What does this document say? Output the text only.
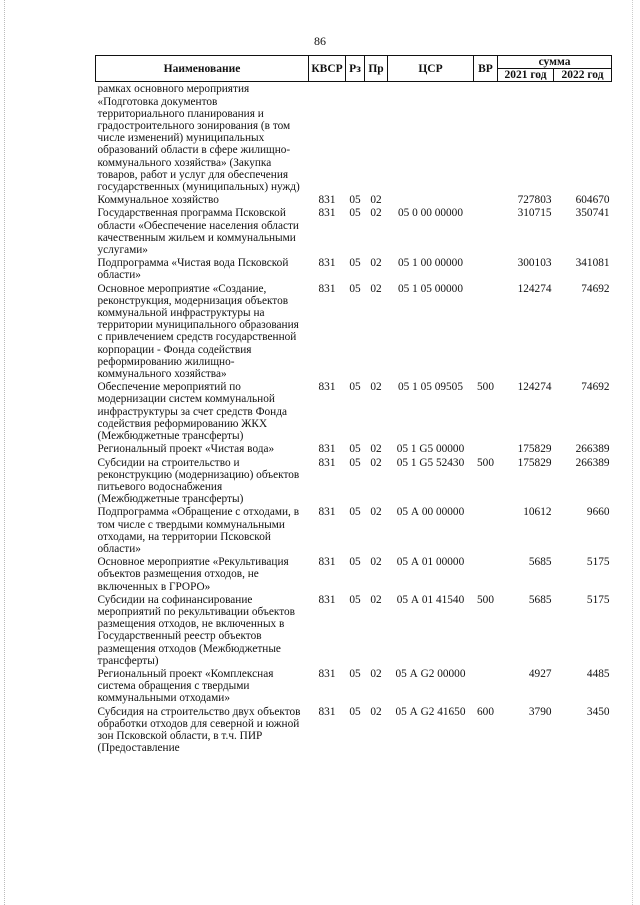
86
Наименование	КВСР	Рз	Пр	ЦСР	ВР	сумма	
						2021 год	2022 год
рамках основного мероприятия «Подготовка документов территориального планирования и градостроительного зонирования (в том числе изменений) муниципальных образований области в сфере жилищно-коммунального хозяйства» (Закупка товаров, работ и услуг для обеспечения государственных (муниципальных) нужд)							
Коммунальное хозяйство	831	05	02			727803	604670
Государственная программа Псковской области «Обеспечение населения области качественным жильем и коммунальными услугами»	831	05	02	05 0 00 00000		310715	350741
Подпрограмма «Чистая вода Псковской области»	831	05	02	05 1 00 00000		300103	341081
Основное мероприятие «Создание, реконструкция, модернизация объектов коммунальной инфраструктуры на территории муниципального образования с привлечением средств государственной корпорации - Фонда содействия реформированию жилищно-коммунального хозяйства»	831	05	02	05 1 05 00000		124274	74692
Обеспечение мероприятий по модернизации систем коммунальной инфраструктуры за счет средств Фонда содействия реформированию ЖКХ (Межбюджетные трансферты)	831	05	02	05 1 05 09505	500	124274	74692
Региональный проект «Чистая вода»	831	05	02	05 1 G5 00000		175829	266389
Субсидии на строительство и реконструкцию (модернизацию) объектов питьевого водоснабжения (Межбюджетные трансферты)	831	05	02	05 1 G5 52430	500	175829	266389
Подпрограмма «Обращение с отходами, в том числе с твердыми коммунальными отходами, на территории Псковской области»	831	05	02	05 А 00 00000		10612	9660
Основное мероприятие «Рекультивация объектов размещения отходов, не включенных в ГРОРО»	831	05	02	05 А 01 00000		5685	5175
Субсидии на софинансирование мероприятий по рекультивации объектов размещения отходов, не включенных в Государственный реестр объектов размещения отходов (Межбюджетные трансферты)	831	05	02	05 А 01 41540	500	5685	5175
Региональный проект «Комплексная система обращения с твердыми коммунальными отходами»	831	05	02	05 А G2 00000		4927	4485
Субсидия на строительство двух объектов обработки отходов для северной и южной зон Псковской области, в т.ч. ПИР (Предоставление	831	05	02	05 А G2 41650	600	3790	3450
